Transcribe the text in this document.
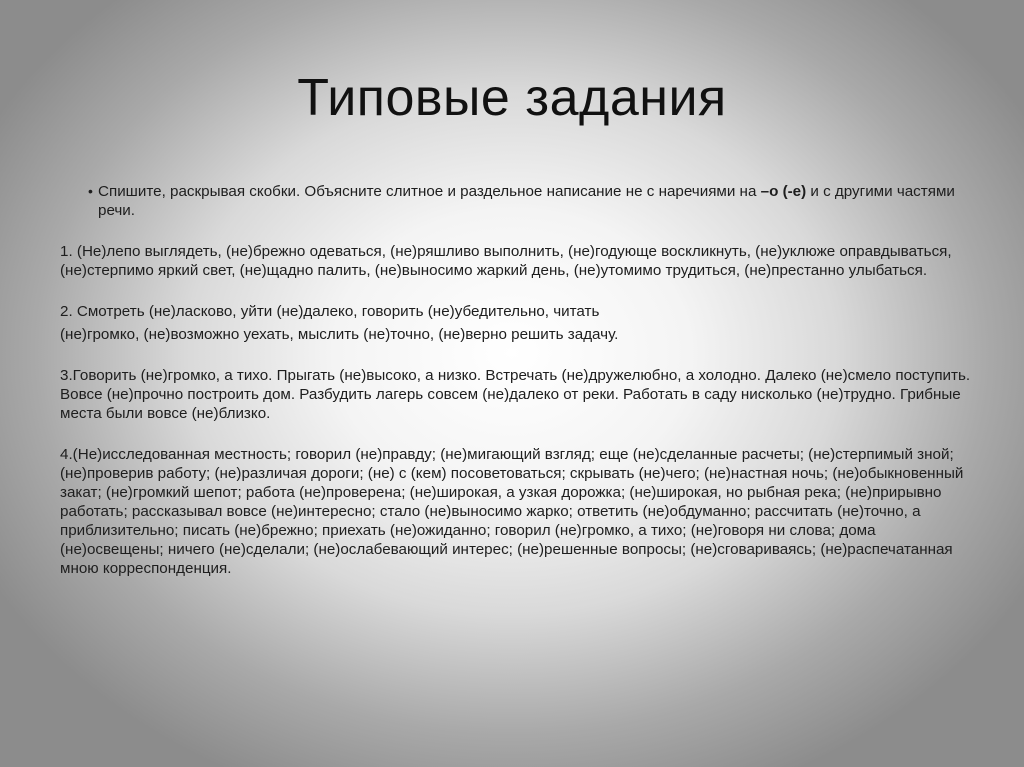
Типовые задания
• Спишите, раскрывая скобки. Объясните слитное и раздельное написание не с наречиями на –о (-е) и с другими частями речи.

1. (Не)лепо выглядеть, (не)брежно одеваться, (не)ряшливо выполнить, (не)годующе воскликнуть, (не)уклюже оправдываться, (не)стерпимо яркий свет, (не)щадно палить, (не)выносимо жаркий день, (не)утомимо трудиться, (не)престанно улыбаться.

2. Смотреть (не)ласково, уйти (не)далеко, говорить (не)убедительно, читать

(не)громко, (не)возможно уехать, мыслить (не)точно, (не)верно решить задачу.

3.Говорить (не)громко, а тихо. Прыгать (не)высоко, а низко. Встречать (не)дружелюбно, а холодно. Далеко (не)смело поступить. Вовсе (не)прочно построить дом. Разбудить лагерь совсем (не)далеко от реки. Работать в саду нисколько (не)трудно. Грибные места были вовсе (не)близко.

4.(Не)исследованная местность; говорил (не)правду; (не)мигающий взгляд; еще (не)сделанные расчеты; (не)стерпимый зной; (не)проверив работу; (не)различая дороги; (не) с (кем) посоветоваться; скрывать (не)чего; (не)настная ночь; (не)обыкновенный закат; (не)громкий шепот; работа (не)проверена; (не)широкая, а узкая дорожка; (не)широкая, но рыбная река; (не)прирывно работать; рассказывал вовсе (не)интересно; стало (не)выносимо жарко; ответить (не)обдуманно; рассчитать (не)точно, а приблизительно; писать (не)брежно; приехать (не)ожиданно; говорил (не)громко, а тихо; (не)говоря ни слова; дома (не)освещены; ничего (не)сделали; (не)ослабевающий интерес; (не)решенные вопросы; (не)сговариваясь; (не)распечатанная мною корреспонденция.
